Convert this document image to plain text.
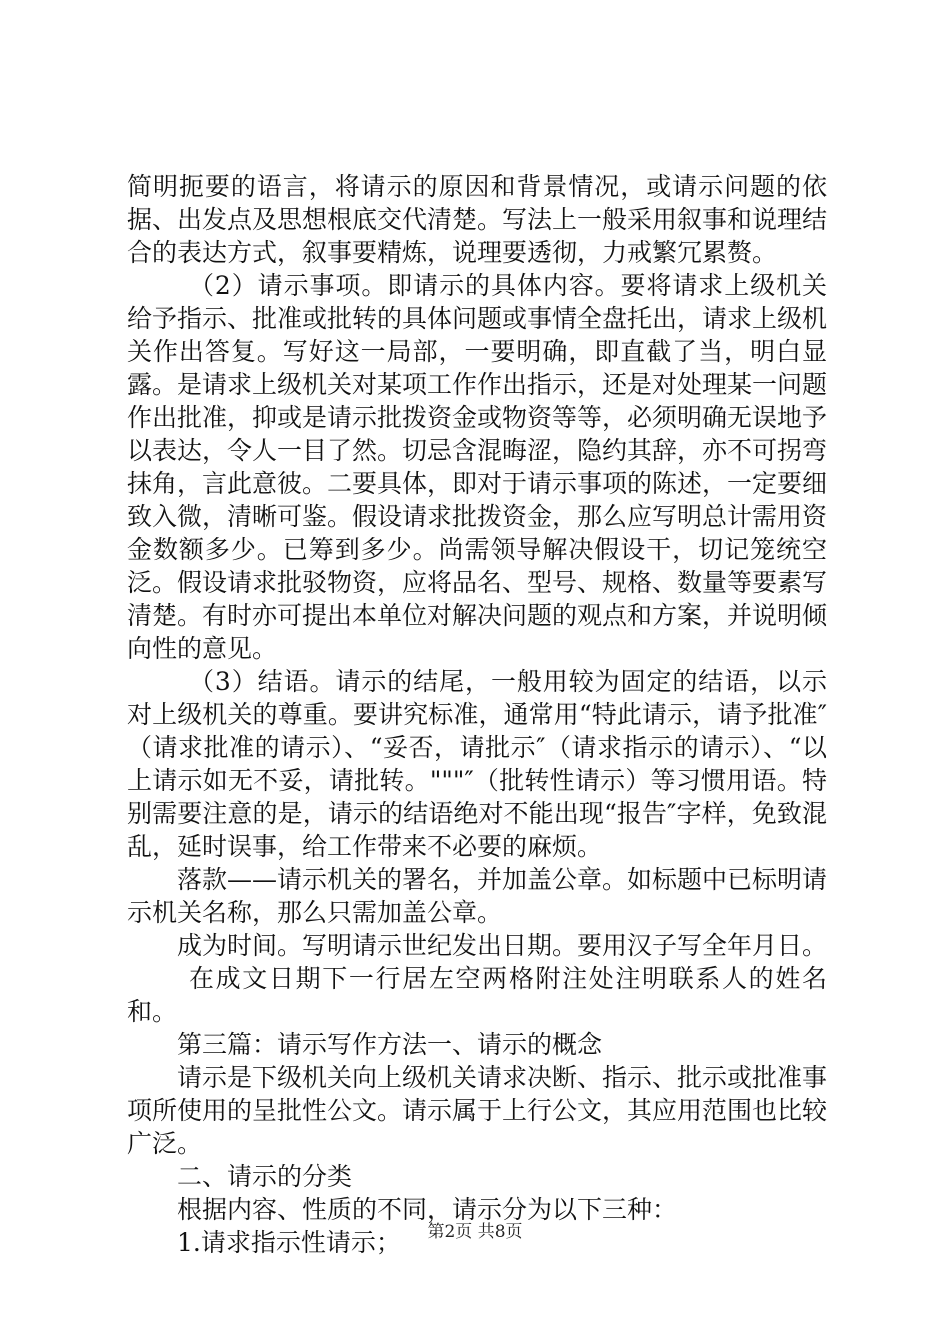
简明扼要的语言，将请示的原因和背景情况，或请示问题的依据、出发点及思想根底交代清楚。写法上一般采用叙事和说理结合的表达方式，叙事要精炼，说理要透彻，力戒繁冗累赘。

（2）请示事项。即请示的具体内容。要将请求上级机关给予指示、批准或批转的具体问题或事情全盘托出，请求上级机关作出答复。写好这一局部，一要明确，即直截了当，明白显露。是请求上级机关对某项工作作出指示，还是对处理某一问题作出批准，抑或是请示批拨资金或物资等等，必须明确无误地予以表达，令人一目了然。切忌含混晦涩，隐约其辞，亦不可拐弯抹角，言此意彼。二要具体，即对于请示事项的陈述，一定要细致入微，清晰可鉴。假设请求批拨资金，那么应写明总计需用资金数额多少。已筹到多少。尚需领导解决假设干，切记笼统空泛。假设请求批驳物资，应将品名、型号、规格、数量等要素写清楚。有时亦可提出本单位对解决问题的观点和方案，并说明倾向性的意见。

（3）结语。请示的结尾，一般用较为固定的结语，以示对上级机关的尊重。要讲究标准，通常用“特此请示，请予批准″（请求批准的请示）、“妥否，请批示″（请求指示的请示）、“以上请示如无不妥，请批转。"""″（批转性请示）等习惯用语。特别需要注意的是，请示的结语绝对不能出现“报告″字样，免致混乱，延时误事，给工作带来不必要的麻烦。

落款——请示机关的署名，并加盖公章。如标题中已标明请示机关名称，那么只需加盖公章。

成为时间。写明请示世纪发出日期。要用汉子写全年月日。

在成文日期下一行居左空两格附注处注明联系人的姓名和。

第三篇：请示写作方法一、请示的概念

请示是下级机关向上级机关请求决断、指示、批示或批准事项所使用的呈批性公文。请示属于上行公文，其应用范围也比较广泛。

二、请示的分类

根据内容、性质的不同，请示分为以下三种：

1.请求指示性请示；	第2页 共8页
